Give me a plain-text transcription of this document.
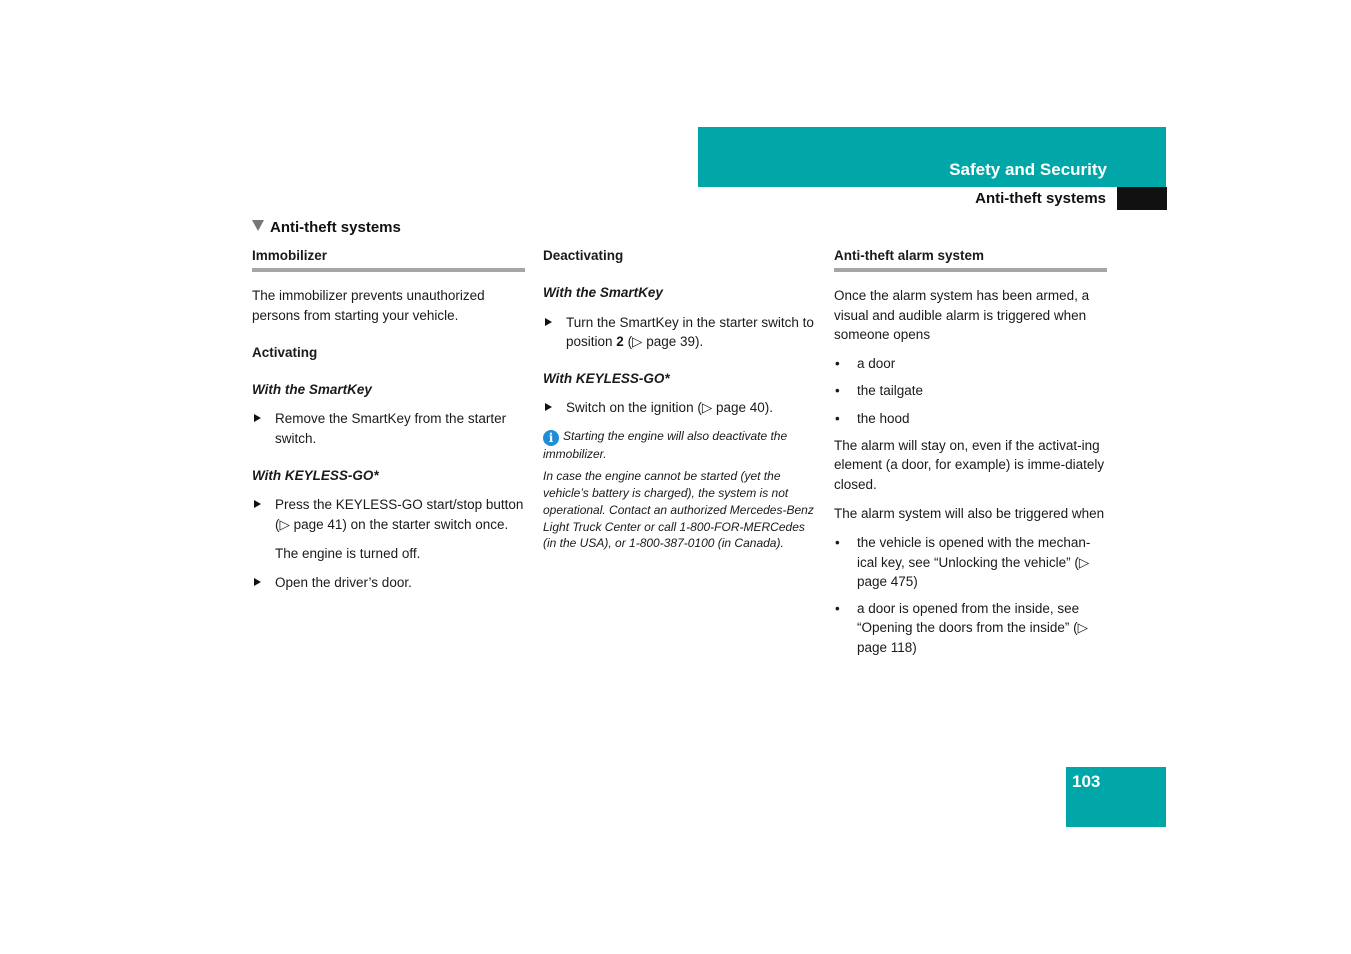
Safety and Security
Anti-theft systems
Anti-theft systems
Immobilizer

The immobilizer prevents unauthorized persons from starting your vehicle.

Activating
With the SmartKey
Remove the SmartKey from the starter switch.
With KEYLESS-GO*
Press the KEYLESS-GO start/stop button (▷ page 41) on the starter switch once.
The engine is turned off.
Open the driver’s door.
Deactivating
With the SmartKey
Turn the SmartKey in the starter switch to position 2 (▷ page 39).
With KEYLESS-GO*
Switch on the ignition (▷ page 40).
i Starting the engine will also deactivate the immobilizer.
In case the engine cannot be started (yet the vehicle’s battery is charged), the system is not operational. Contact an authorized Mercedes-Benz Light Truck Center or call 1-800-FOR-MERCedes (in the USA), or 1-800-387-0100 (in Canada).
Anti-theft alarm system

Once the alarm system has been armed, a visual and audible alarm is triggered when someone opens

• a door
• the tailgate
• the hood

The alarm will stay on, even if the activat-ing element (a door, for example) is imme-diately closed.

The alarm system will also be triggered when

• the vehicle is opened with the mechan-ical key, see “Unlocking the vehicle” (▷ page 475)
• a door is opened from the inside, see “Opening the doors from the inside” (▷ page 118)
103
